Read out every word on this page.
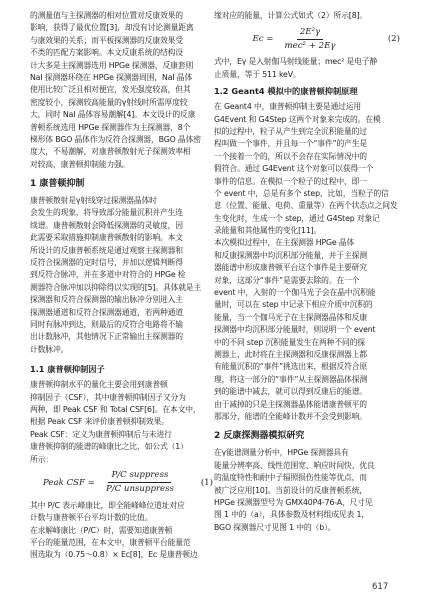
的测量值与主探测器的相对位置对反康效果的
影响，获得了最优位置[3]，却没有讨论测量距离
与康效果的关系；而平板探测器的反康效果受
不类的匹配方案影响。本文反康系统的结构设
计大多是主探测器选用 HPGe 探测器，反康套则
NaI 探测器环绕在 HPGe 探测器周围，NaI 晶体
使用比较广泛且相对便宜，发光强度较高，但其
密度较小，探测较高能量的γ射线时所需厚度较
大，同时 NaI 晶体容易潮解[4]。本文设计的反康
普顿系统选用 HPGe 探测器作为主探测器，8个
梯形体 BGO 晶体作为反符合探测器，BGO 晶体密
度大，不易潮解，对康普顿散射光子探测效率相
对较高，康普顿抑制能力强。
1 康普顿抑制
康普顿散射是γ射线穿过探测器晶体时
会发生的现象，将导致部分能量沉积并产生连
续谱。康普顿散射会降低探测器的灵敏度，因
此需要采取措施抑制康普顿散射的影响。本文
所设计的反康普顿系统是通过观察主探测器和
反符合探测器的定时信号，并加以逻辑判断得
到反符合脉冲，并在多道中对符合的 HPGe 检
测器符合脉冲加以抑除得以实现的[5]。具体就是主
探测器和反符合探测器的输出脉冲分别进入主
探测器通道和反符合探测器通道，若两种通道
同时有脉冲到达，则最后的反符合电路将不输
出计数脉冲，其他情况下正常输出主探测器的
计数脉冲。
1.1 康普顿抑制因子
康普顿抑制水平的量化主要会用到康普顿
抑制因子（CSF），其中康普顿抑制因子又分为
两种，即 Peak CSF 和 Total CSF[6]。在本文中，
根据 Peak CSF 来评价康普顿抑制效果。
Peak CSF：定义为康普顿抑制后与未进行
康普顿抑制的能谱的峰康比之比，如公式（1）
所示：
Peak CSF = $\frac{\text{P/C suppress}}{\text{P/C unsuppress}}$	(1)
其中 P/C 表示峰康比，即全能峰峰位道址对应
计数与康普顿平台平均计数的比值。
在求解峰康比（P/C）时，需要知道康普顿
平台的能量范围，在本文中，康普顿平台能量范
围选取为（0.75～0.8）× Ec[8]，Ec 是康普顿边
缘对应的能量，计算公式如式（2）所示[8]。
$Ec = \frac{\text{2E²γ}}{\text{mec² + 2Eγ}}$	(2)
式中，Eγ 是入射伽马射线能量；mec² 是电子静
止质量，等于 511 keV。
1.2 Geant4 模拟中的康普顿抑制原理
在 Geant4 中，康普顿抑制主要是通过运用
G4Event 和 G4Step 这两个对象来完成的。在模
拟的过程中，粒子从产生到完全沉积能量的过
程叫做一个事件，并且每一个“事件”的产生是
一个接着一个的，所以不会存在实际情况中的
假符合。通过 G4Event 这个对象可以获得一个
事件的信息。在模拟一个粒子的过程中，即一
个 event 中，总是有多个 step，比如，当粒子的信
息（位置、能量、电荷、重量等）在两个状态点之间发
生变化时，生成一个 step，通过 G4Step 对象记
录能量和其他属性的变化[11]。
本次模拟过程中，在主探测器 HPGe 晶体
和反康探测器中均沉积部分能量，并于主探测
器能谱中形成康普顿平台这个事件是主要研究
对象，这部分“事件”是需要去除的。在一个
event 中，入射的一个伽马光子会在晶中沉积能
量时，可以在 step 中记录下相应介质中沉积的
能量，当一个伽马光子在主探测器晶体和反康
探测器中均沉积部分能量时，则说明一个 event
中的不同 step 沉积能量发生在两种不同的探
测器上，此时将在主探测器和反康探测器上都
有能量沉积的“事件”挑选出来，根据反符合原
理，将这一部分的“事件”从主探测器晶体探测
到的能谱中减去，就可以得到反康后的能谱。
由于减掉的只是主探测器晶体能谱康普顿平的
那部分，能谱的全能峰计数并不会受到影响。
2 反康探测器模拟研究
在γ能谱测量分析中，HPGe 探测器具有
能量分辨率高、线性范围宽、响应时间快、优良
的温度特性和耐中子辐照损伤性能等优点，而
被广泛应用[10]。当前设计的反康普顿系统，
HPGe 探测器型号为 GMX40P4-76-A，尺寸见
图 1 中的（a），具体参数及材料组成见表 1，
BGO 探测器尺寸见图 1 中的（b）。
617
